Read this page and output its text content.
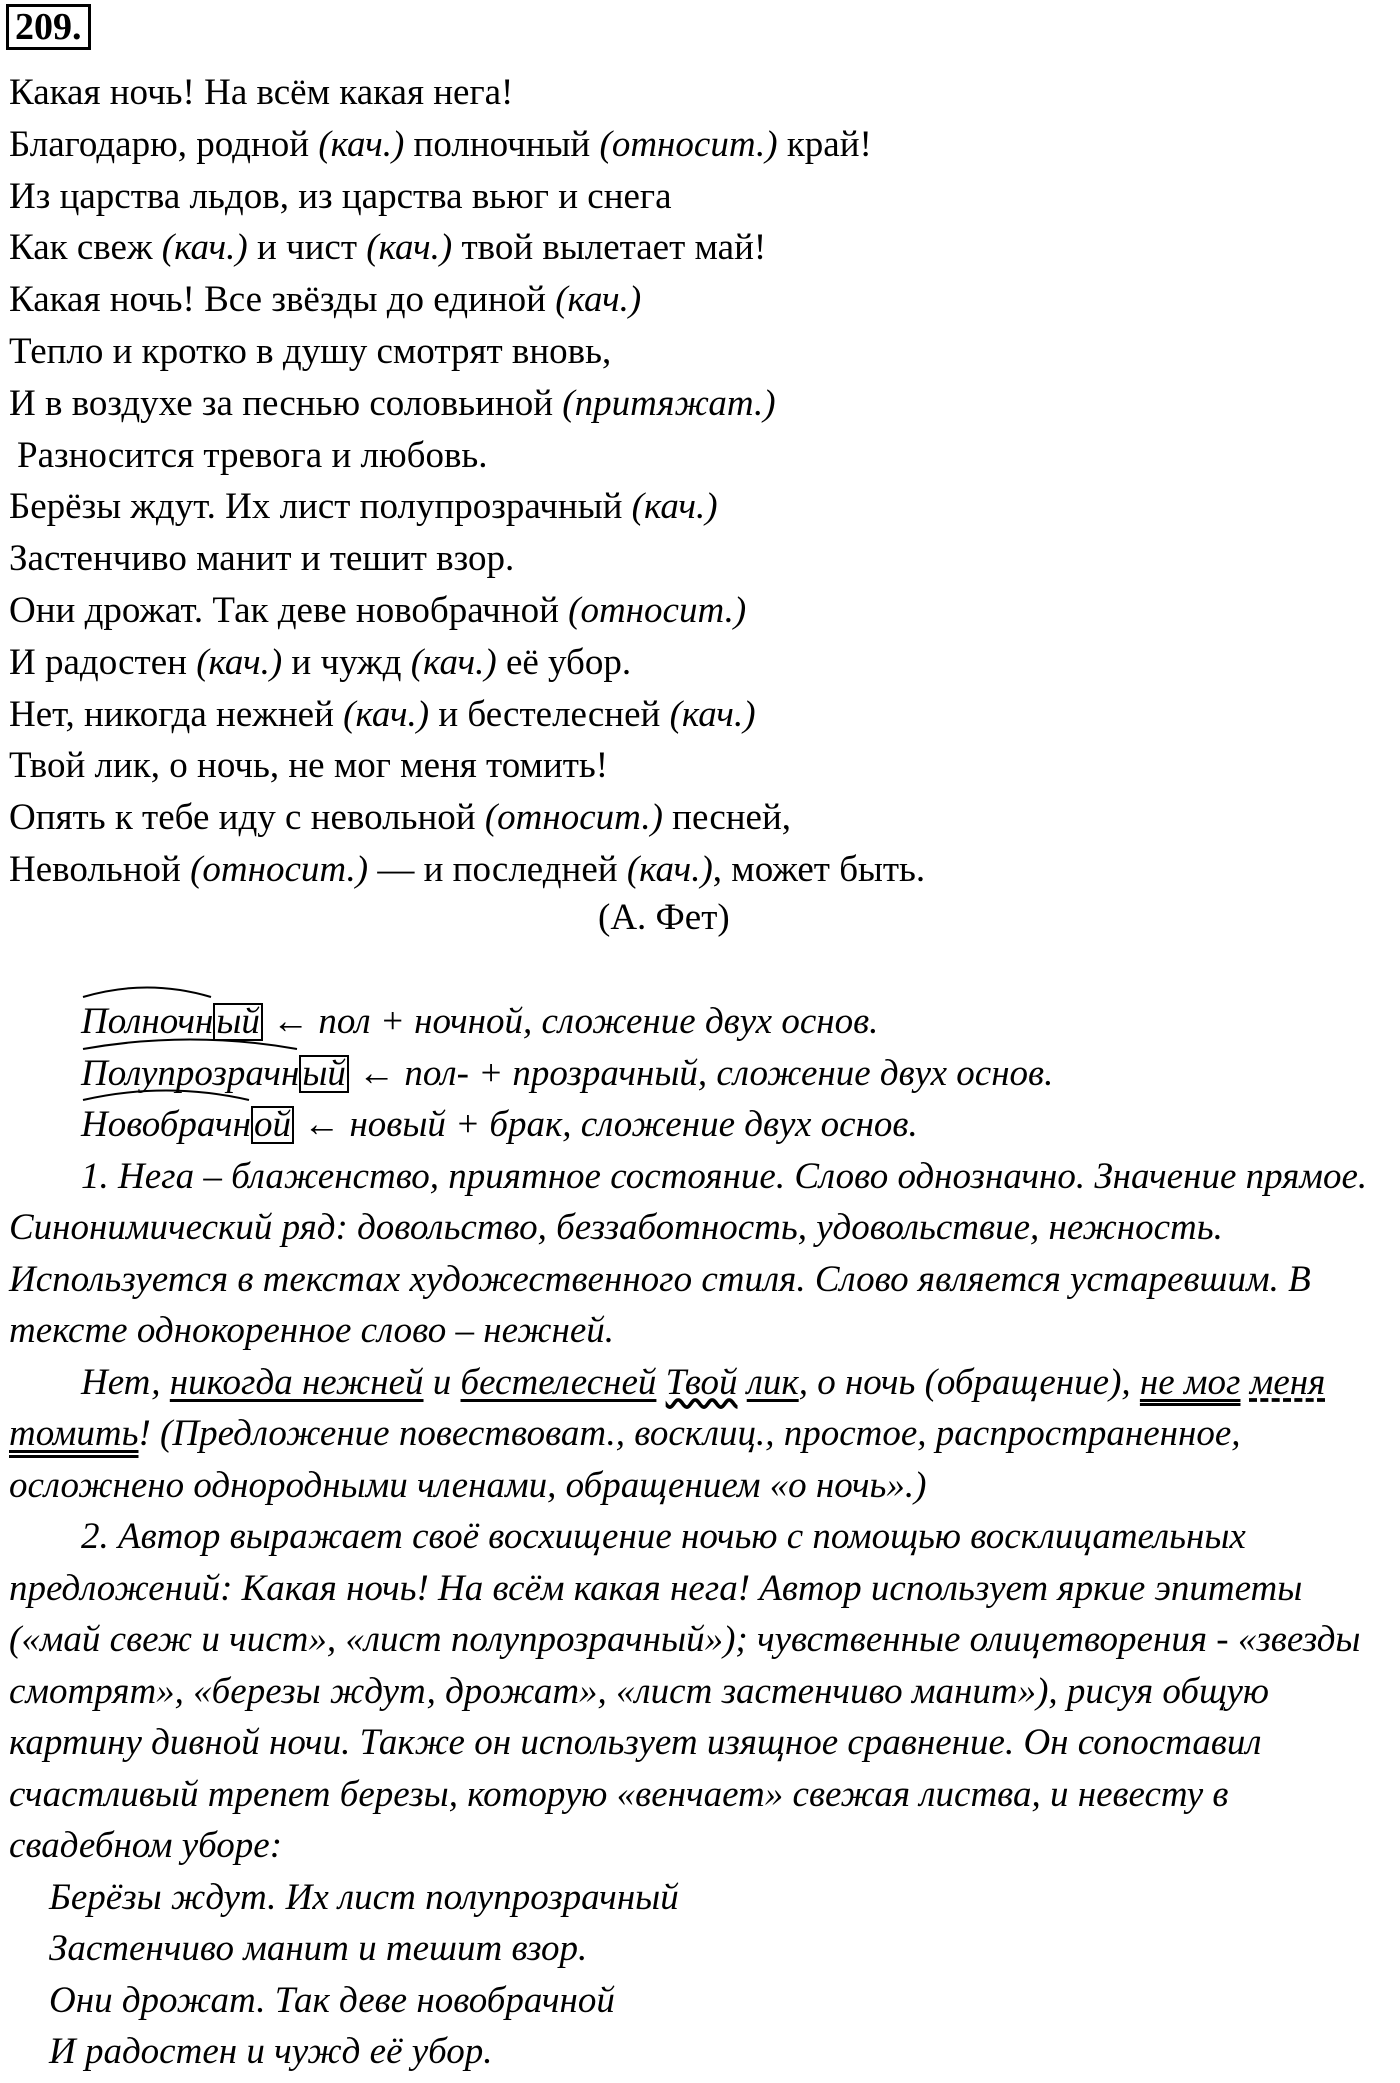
209.
Какая ночь! На всём какая нега!
Благодарю, родной (кач.) полночный (относит.) край!
Из царства льдов, из царства вьюг и снега
Как свеж (кач.) и чист (кач.) твой вылетает май!
Какая ночь! Все звёзды до единой (кач.)
Тепло и кротко в душу смотрят вновь,
И в воздухе за песнью соловьиной (притяжат.)
Разносится тревога и любовь.
Берёзы ждут. Их лист полупрозрачный (кач.)
Застенчиво манит и тешит взор.
Они дрожат. Так деве новобрачной (относит.)
И радостен (кач.) и чужд (кач.) её убор.
Нет, никогда нежней (кач.) и бестелесней (кач.)
Твой лик, о ночь, не мог меня томить!
Опять к тебе иду с невольной (относит.) песней,
Невольной (относит.) — и последней (кач.), может быть.
(А. Фет)
Полночный
← пол + ночной, сложение двух основ.
Полупрозрачный
← пол- + прозрачный, сложение двух основ.
Новобрачной
← новый + брак, сложение двух основ.

1. Нега – блаженство, приятное состояние. Слово однозначно. Значение прямое. Синонимический ряд: довольство, беззаботность, удовольствие, нежность. Используется в текстах художественного стиля. Слово является устаревшим. В тексте однокоренное слово – нежней.

Нет, никогда нежней и бестелесней Твой лик, о ночь (обращение), не мог меня томить! (Предложение повествоват., восклиц., простое, распространенное, осложнено однородными членами, обращением «о ночь».)

2. Автор выражает своё восхищение ночью с помощью восклицательных предложений: Какая ночь! На всём какая нега! Автор использует яркие эпитеты («май свеж и чист», «лист полупрозрачный»); чувственные олицетворения - «звезды смотрят», «березы ждут, дрожат», «лист застенчиво манит»), рисуя общую картину дивной ночи. Также он использует изящное сравнение. Он сопоставил счастливый трепет березы, которую «венчает» свежая листва, и невесту в свадебном уборе:

Берёзы ждут. Их лист полупрозрачный
Застенчиво манит и тешит взор.
Они дрожат. Так деве новобрачной
И радостен и чужд её убор.
